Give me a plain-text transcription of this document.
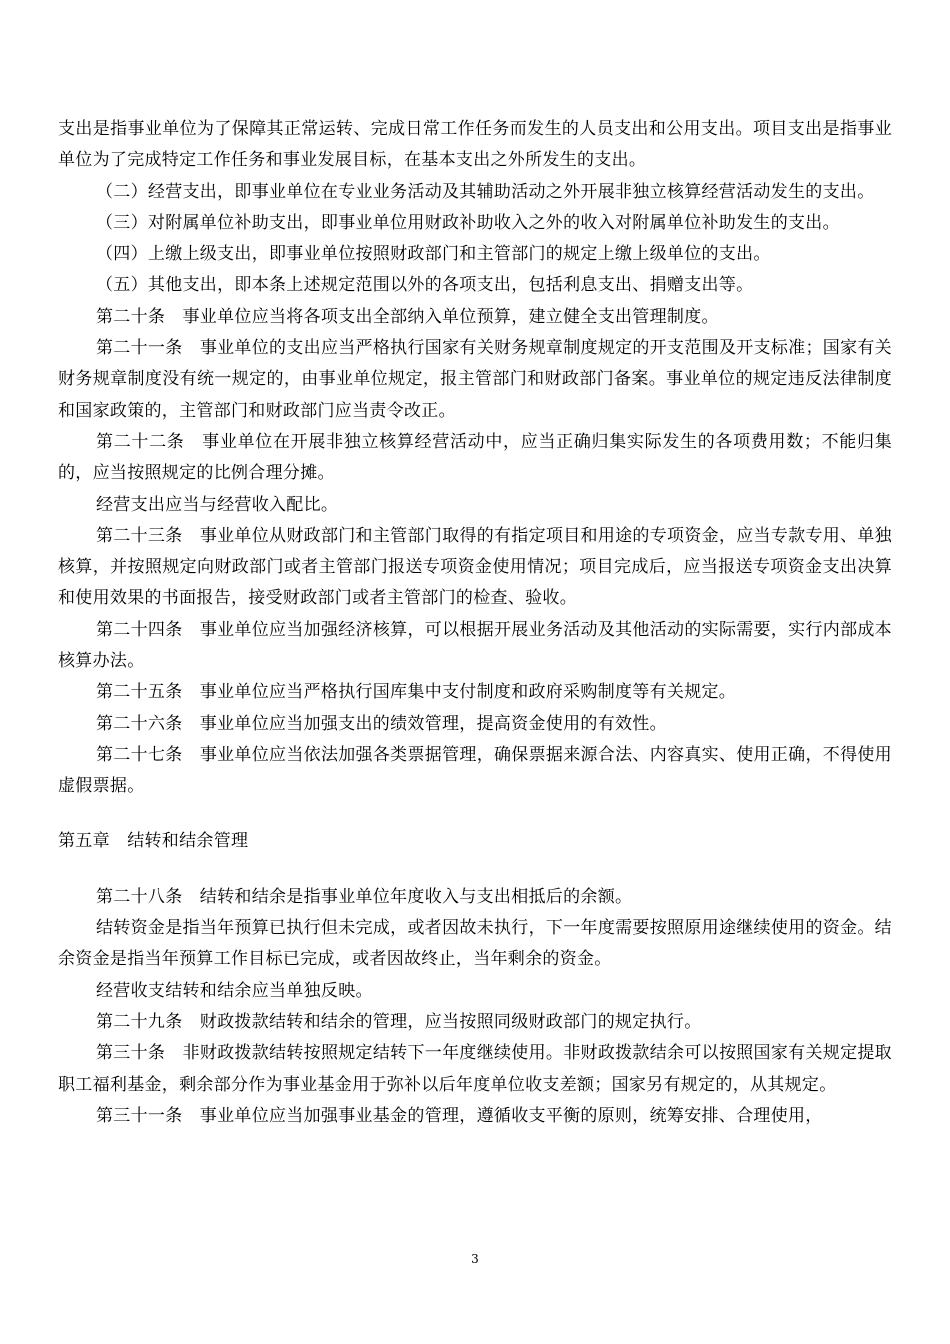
支出是指事业单位为了保障其正常运转、完成日常工作任务而发生的人员支出和公用支出。项目支出是指事业单位为了完成特定工作任务和事业发展目标，在基本支出之外所发生的支出。

（二）经营支出，即事业单位在专业业务活动及其辅助活动之外开展非独立核算经营活动发生的支出。

（三）对附属单位补助支出，即事业单位用财政补助收入之外的收入对附属单位补助发生的支出。

（四）上缴上级支出，即事业单位按照财政部门和主管部门的规定上缴上级单位的支出。

（五）其他支出，即本条上述规定范围以外的各项支出，包括利息支出、捐赠支出等。

第二十条　事业单位应当将各项支出全部纳入单位预算，建立健全支出管理制度。

第二十一条　事业单位的支出应当严格执行国家有关财务规章制度规定的开支范围及开支标准；国家有关财务规章制度没有统一规定的，由事业单位规定，报主管部门和财政部门备案。事业单位的规定违反法律制度和国家政策的，主管部门和财政部门应当责令改正。

第二十二条　事业单位在开展非独立核算经营活动中，应当正确归集实际发生的各项费用数；不能归集的，应当按照规定的比例合理分摊。

经营支出应当与经营收入配比。

第二十三条　事业单位从财政部门和主管部门取得的有指定项目和用途的专项资金，应当专款专用、单独核算，并按照规定向财政部门或者主管部门报送专项资金使用情况；项目完成后，应当报送专项资金支出决算和使用效果的书面报告，接受财政部门或者主管部门的检查、验收。

第二十四条　事业单位应当加强经济核算，可以根据开展业务活动及其他活动的实际需要，实行内部成本核算办法。

第二十五条　事业单位应当严格执行国库集中支付制度和政府采购制度等有关规定。

第二十六条　事业单位应当加强支出的绩效管理，提高资金使用的有效性。

第二十七条　事业单位应当依法加强各类票据管理，确保票据来源合法、内容真实、使用正确，不得使用虚假票据。

第五章　结转和结余管理

第二十八条　结转和结余是指事业单位年度收入与支出相抵后的余额。

结转资金是指当年预算已执行但未完成，或者因故未执行，下一年度需要按照原用途继续使用的资金。结余资金是指当年预算工作目标已完成，或者因故终止，当年剩余的资金。

经营收支结转和结余应当单独反映。

第二十九条　财政拨款结转和结余的管理，应当按照同级财政部门的规定执行。

第三十条　非财政拨款结转按照规定结转下一年度继续使用。非财政拨款结余可以按照国家有关规定提取职工福利基金，剩余部分作为事业基金用于弥补以后年度单位收支差额；国家另有规定的，从其规定。

第三十一条　事业单位应当加强事业基金的管理，遵循收支平衡的原则，统筹安排、合理使用，

3
